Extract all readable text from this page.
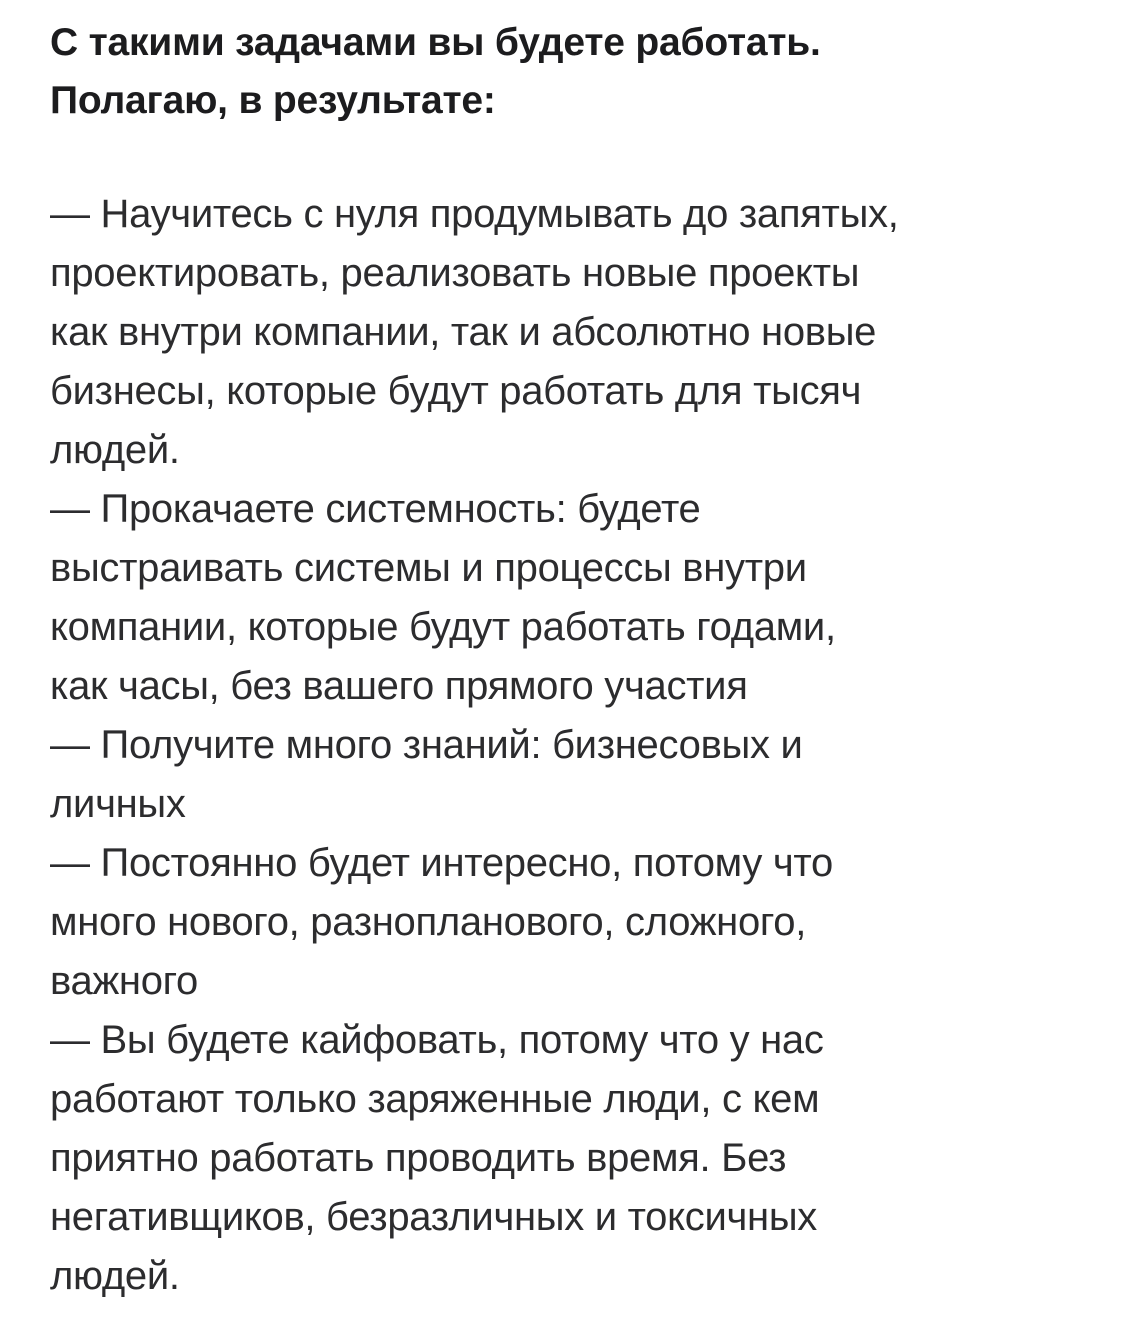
С такими задачами вы будете работать.
Полагаю, в результате:
— Научитесь с нуля продумывать до запятых,
проектировать, реализовать новые проекты
как внутри компании, так и абсолютно новые
бизнесы, которые будут работать для тысяч
людей.
— Прокачаете системность: будете
выстраивать системы и процессы внутри
компании, которые будут работать годами,
как часы, без вашего прямого участия
— Получите много знаний: бизнесовых и
личных
— Постоянно будет интересно, потому что
много нового, разнопланового, сложного,
важного
— Вы будете кайфовать, потому что у нас
работают только заряженные люди, с кем
приятно работать проводить время. Без
негативщиков, безразличных и токсичных
людей.
